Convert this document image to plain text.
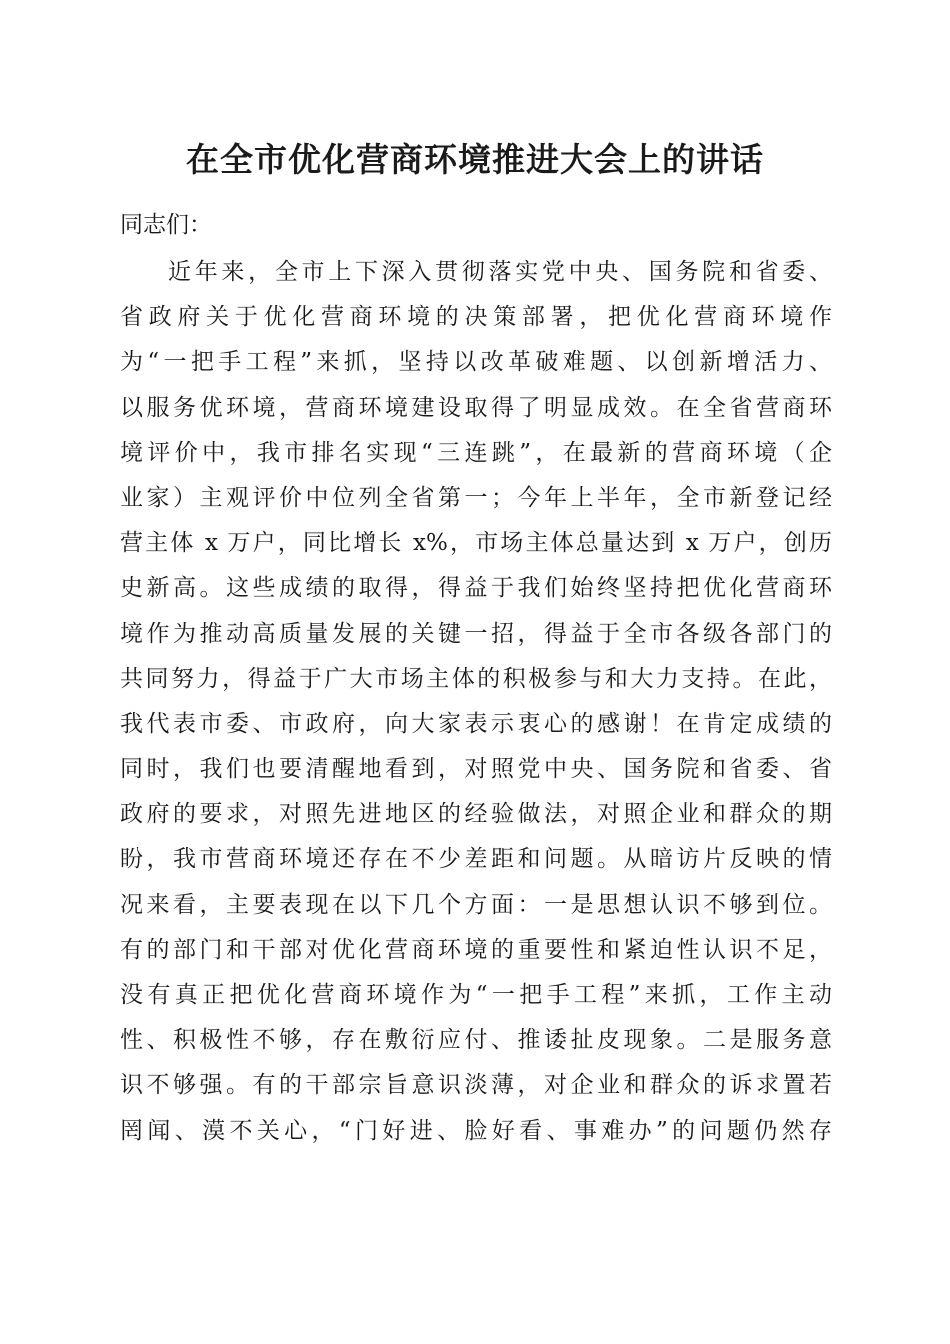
在全市优化营商环境推进大会上的讲话

同志们：

近年来，全市上下深入贯彻落实党中央、国务院和省委、
省政府关于优化营商环境的决策部署，把优化营商环境作
为“一把手工程”来抓，坚持以改革破难题、以创新增活力、
以服务优环境，营商环境建设取得了明显成效。在全省营商环
境评价中，我市排名实现“三连跳”，在最新的营商环境（企
业家）主观评价中位列全省第一；今年上半年，全市新登记经
营主体 x 万户，同比增长 x%，市场主体总量达到 x 万户，创历
史新高。这些成绩的取得，得益于我们始终坚持把优化营商环
境作为推动高质量发展的关键一招，得益于全市各级各部门的
共同努力，得益于广大市场主体的积极参与和大力支持。在此，
我代表市委、市政府，向大家表示衷心的感谢！在肯定成绩的
同时，我们也要清醒地看到，对照党中央、国务院和省委、省
政府的要求，对照先进地区的经验做法，对照企业和群众的期
盼，我市营商环境还存在不少差距和问题。从暗访片反映的情
况来看，主要表现在以下几个方面：一是思想认识不够到位。
有的部门和干部对优化营商环境的重要性和紧迫性认识不足，
没有真正把优化营商环境作为“一把手工程”来抓，工作主动
性、积极性不够，存在敷衍应付、推诿扯皮现象。二是服务意
识不够强。有的干部宗旨意识淡薄，对企业和群众的诉求置若
罔闻、漠不关心，“门好进、脸好看、事难办”的问题仍然存
